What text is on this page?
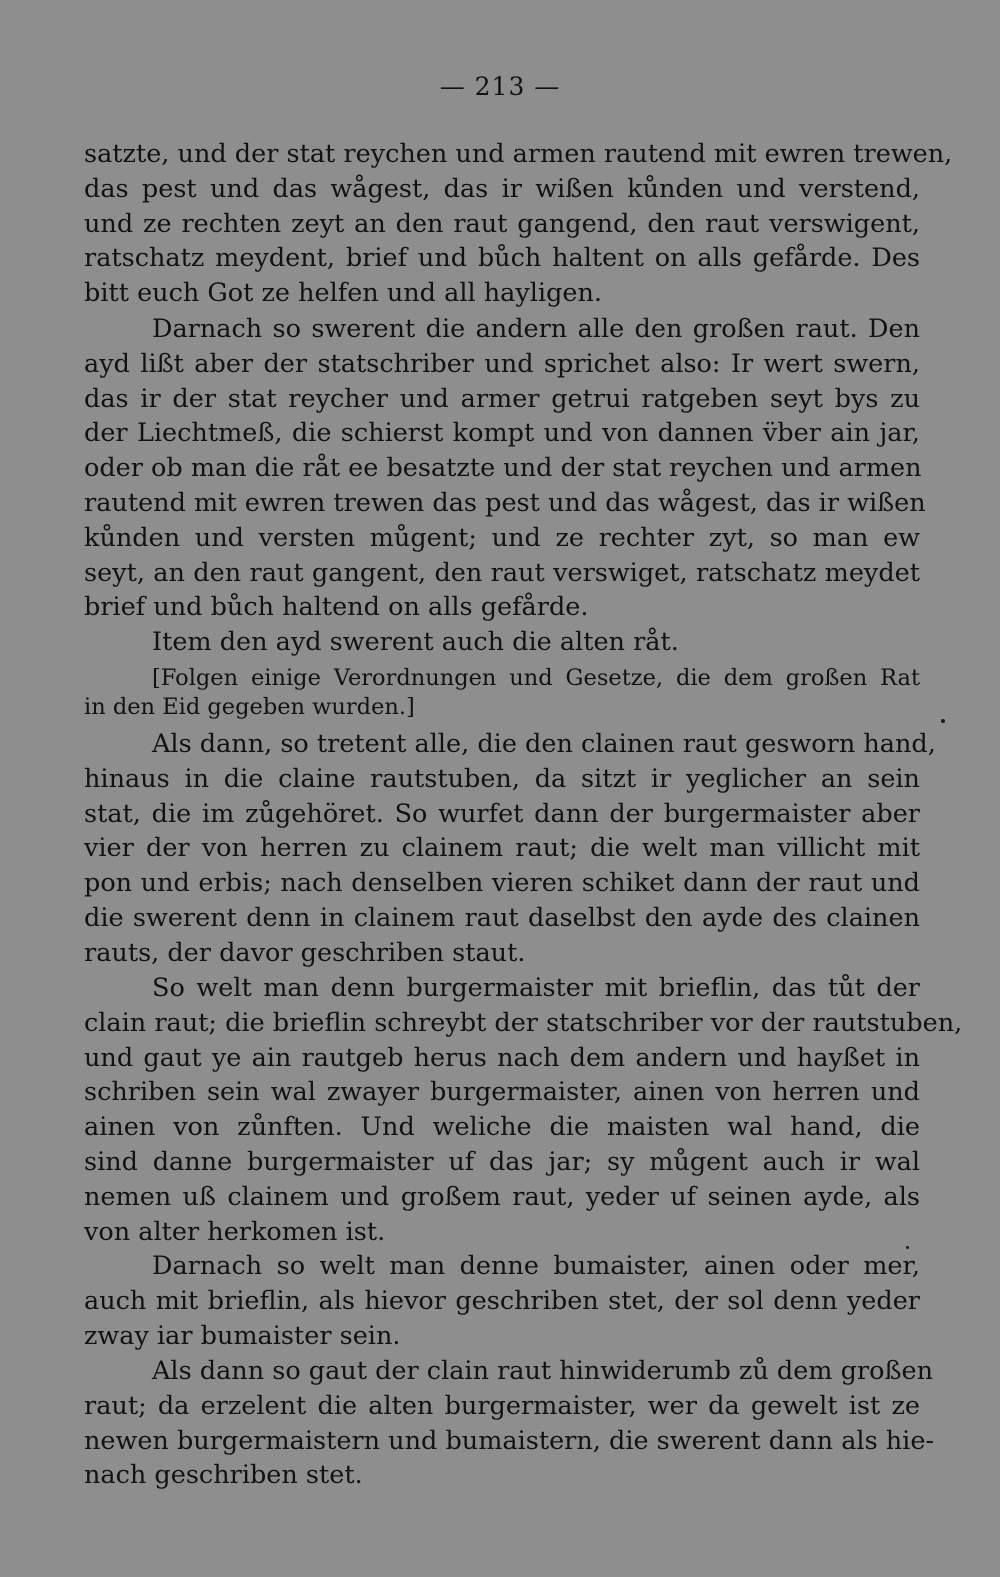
— 213 —
satzte, und der stat reychen und armen rautend mit ewren trewen,
das pest und das wågest, das ir wißen kůnden und verstend,
und ze rechten zeyt an den raut gangend, den raut verswigent,
ratschatz meydent, brief und bůch haltent on alls gefårde. Des
bitt euch Got ze helfen und all hayligen.
Darnach so swerent die andern alle den großen raut. Den
ayd lißt aber der statschriber und sprichet also: Ir wert swern,
das ir der stat reycher und armer getrui ratgeben seyt bys zu
der Liechtmeß, die schierst kompt und von dannen v̈ber ain jar,
oder ob man die råt ee besatzte und der stat reychen und armen
rautend mit ewren trewen das pest und das wågest, das ir wißen
kůnden und versten můgent; und ze rechter zyt, so man ew
seyt, an den raut gangent, den raut verswiget, ratschatz meydet
brief und bůch haltend on alls gefårde.
Item den ayd swerent auch die alten råt.
[Folgen einige Verordnungen und Gesetze, die dem großen Rat
in den Eid gegeben wurden.]
Als dann, so tretent alle, die den clainen raut gesworn hand,
hinaus in die claine rautstuben, da sitzt ir yeglicher an sein
stat, die im zůgehöret. So wurfet dann der burgermaister aber
vier der von herren zu clainem raut; die welt man villicht mit
pon und erbis; nach denselben vieren schiket dann der raut und
die swerent denn in clainem raut daselbst den ayde des clainen
rauts, der davor geschriben staut.
So welt man denn burgermaister mit brieflin, das tůt der
clain raut; die brieflin schreybt der statschriber vor der rautstuben,
und gaut ye ain rautgeb herus nach dem andern und hayßet in
schriben sein wal zwayer burgermaister, ainen von herren und
ainen von zůnften. Und weliche die maisten wal hand, die
sind danne burgermaister uf das jar; sy můgent auch ir wal
nemen uß clainem und großem raut, yeder uf seinen ayde, als
von alter herkomen ist.
Darnach so welt man denne bumaister, ainen oder mer,
auch mit brieflin, als hievor geschriben stet, der sol denn yeder
zway iar bumaister sein.
Als dann so gaut der clain raut hinwiderumb zů dem großen
raut; da erzelent die alten burgermaister, wer da gewelt ist ze
newen burgermaistern und bumaistern, die swerent dann als hie-
nach geschriben stet.
